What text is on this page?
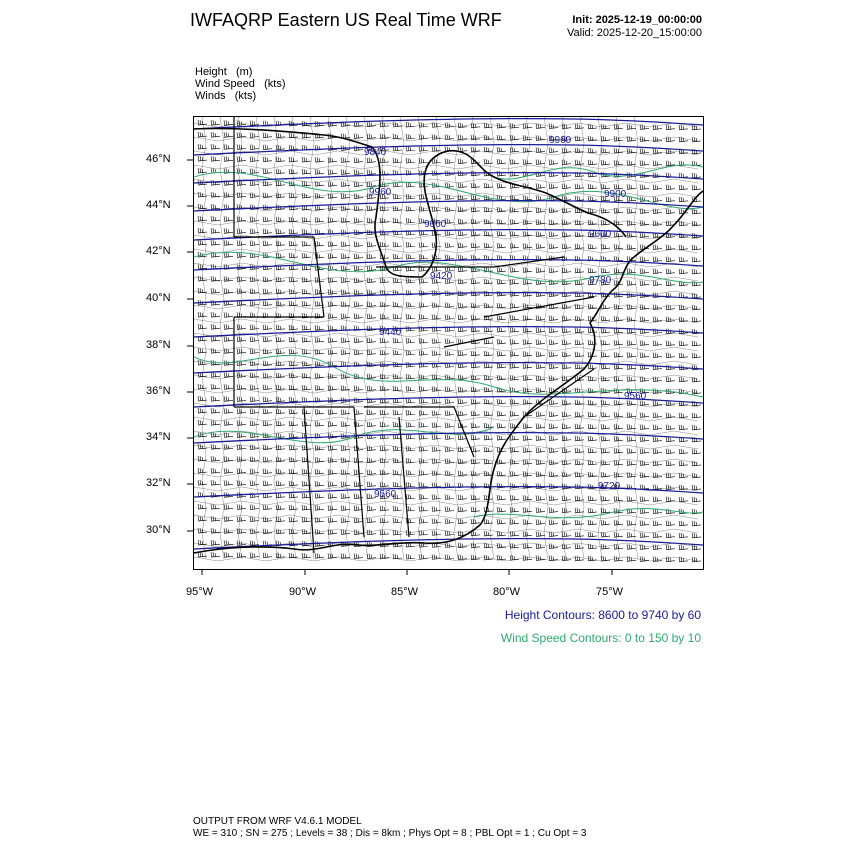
IWFAQRP Eastern US Real Time WRF	Init: 2025-12-19_00:00:00
Valid: 2025-12-20_15:00:00
Height   (m)
Wind Speed   (kts)
Winds   (kts)
46°N
44°N
42°N
40°N
38°N
36°N
34°N
32°N
30°N
95°W	90°W	85°W	80°W	75°W
9840
9960
9960	9900
9660
9600
9420	9780
9440
9560
9560
9720
Height Contours: 8600 to 9740 by 60
Wind Speed Contours: 0 to 150 by 10
OUTPUT FROM WRF V4.6.1 MODEL
WE = 310 ; SN = 275 ; Levels = 38 ; Dis = 8km ; Phys Opt = 8 ; PBL Opt = 1 ; Cu Opt = 3
